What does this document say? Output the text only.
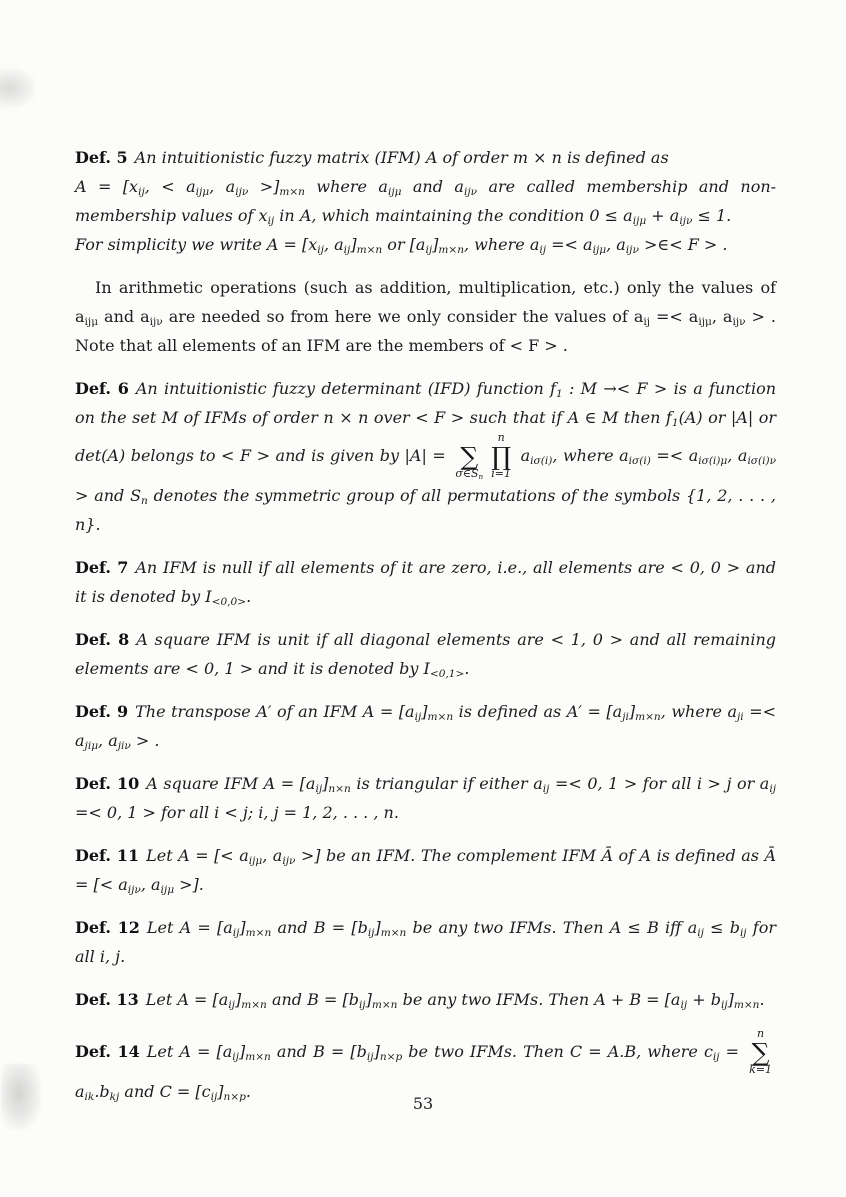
Def. 5 An intuitionistic fuzzy matrix (IFM) A of order m × n is defined as
$A = [x_{ij}$, < $a_{ij\mu}$, $a_{ij\nu} >]_{m\times n}$ where $a_{ij\mu}$ and $a_{ij\nu}$ are called membership and non-membership values of $x_{ij}$ in A, which maintaining the condition $0 \le a_{ij\mu} + a_{ij\nu} \le 1$.
For simplicity we write $A = [x_{ij}$, $a_{ij}]_{m\times n}$ or $[a_{ij}]_{m\times n}$, where $a_{ij} =< a_{ij\mu}$, $a_{ij\nu}$ >∈< F > .

In arithmetic operations (such as addition, multiplication, etc.) only the values of $a_{ij\mu}$ and $a_{ij\nu}$ are needed so from here we only consider the values of $a_{ij} =< a_{ij\mu}$, $a_{ij\nu}$ > . Note that all elements of an IFM are the members of < F > .

Def. 6 An intuitionistic fuzzy determinant (IFD) function $f_1$ : M →< F > is a function on the set M of IFMs of order n × n over < F > such that if A ∈ M then $f_1(A)$ or |A| or det(A) belongs to < F > and is given by |A| =
∑
$\sigma\in S_n$
n
∏
i=1
$a_{i\sigma(i)}$, where $a_{i\sigma(i)} =< a_{i\sigma(i)\mu}$, $a_{i\sigma(i)\nu}$ > and $S_n$ denotes the symmetric group of all permutations of the symbols {1, 2, . . . , n}.

Def. 7 An IFM is null if all elements of it are zero, i.e., all elements are < 0, 0 > and it is denoted by $I_{<0,0>}$.

Def. 8 A square IFM is unit if all diagonal elements are < 1, 0 > and all remaining elements are < 0, 1 > and it is denoted by $I_{<0,1>}$.

Def. 9 The transpose A′ of an IFM $A = [a_{ij}]_{m\times n}$ is defined as $A' = [a_{ji}]_{m\times n}$, where $a_{ji} =< a_{ji\mu}$, $a_{ji\nu}$ > .

Def. 10 A square IFM $A = [a_{ij}]_{n\times n}$ is triangular if either $a_{ij} =< 0$, 1 > for all i > j or $a_{ij} =< 0$, 1 > for all i < j; i, j = 1, 2, . . . , n.

Def. 11 Let A = [< $a_{ij\mu}$, $a_{ij\nu}$ >] be an IFM. The complement IFM Ā of A is defined as Ā = [< $a_{ij\nu}$, $a_{ij\mu}$ >].

Def. 12 Let $A = [a_{ij}]_{m\times n}$ and $B = [b_{ij}]_{m\times n}$ be any two IFMs. Then A ≤ B iff $a_{ij} \le b_{ij}$ for all i, j.

Def. 13 Let $A = [a_{ij}]_{m\times n}$ and $B = [b_{ij}]_{m\times n}$ be any two IFMs. Then $A + B = [a_{ij} + b_{ij}]_{m\times n}$.

Def. 14 Let $A = [a_{ij}]_{m\times n}$ and $B = [b_{ij}]_{n\times p}$ be two IFMs. Then C = A.B, where $c_{ij}$ =
n
∑
k=1
$a_{ik}.b_{kj}$ and $C = [c_{ij}]_{n\times p}$.

53
